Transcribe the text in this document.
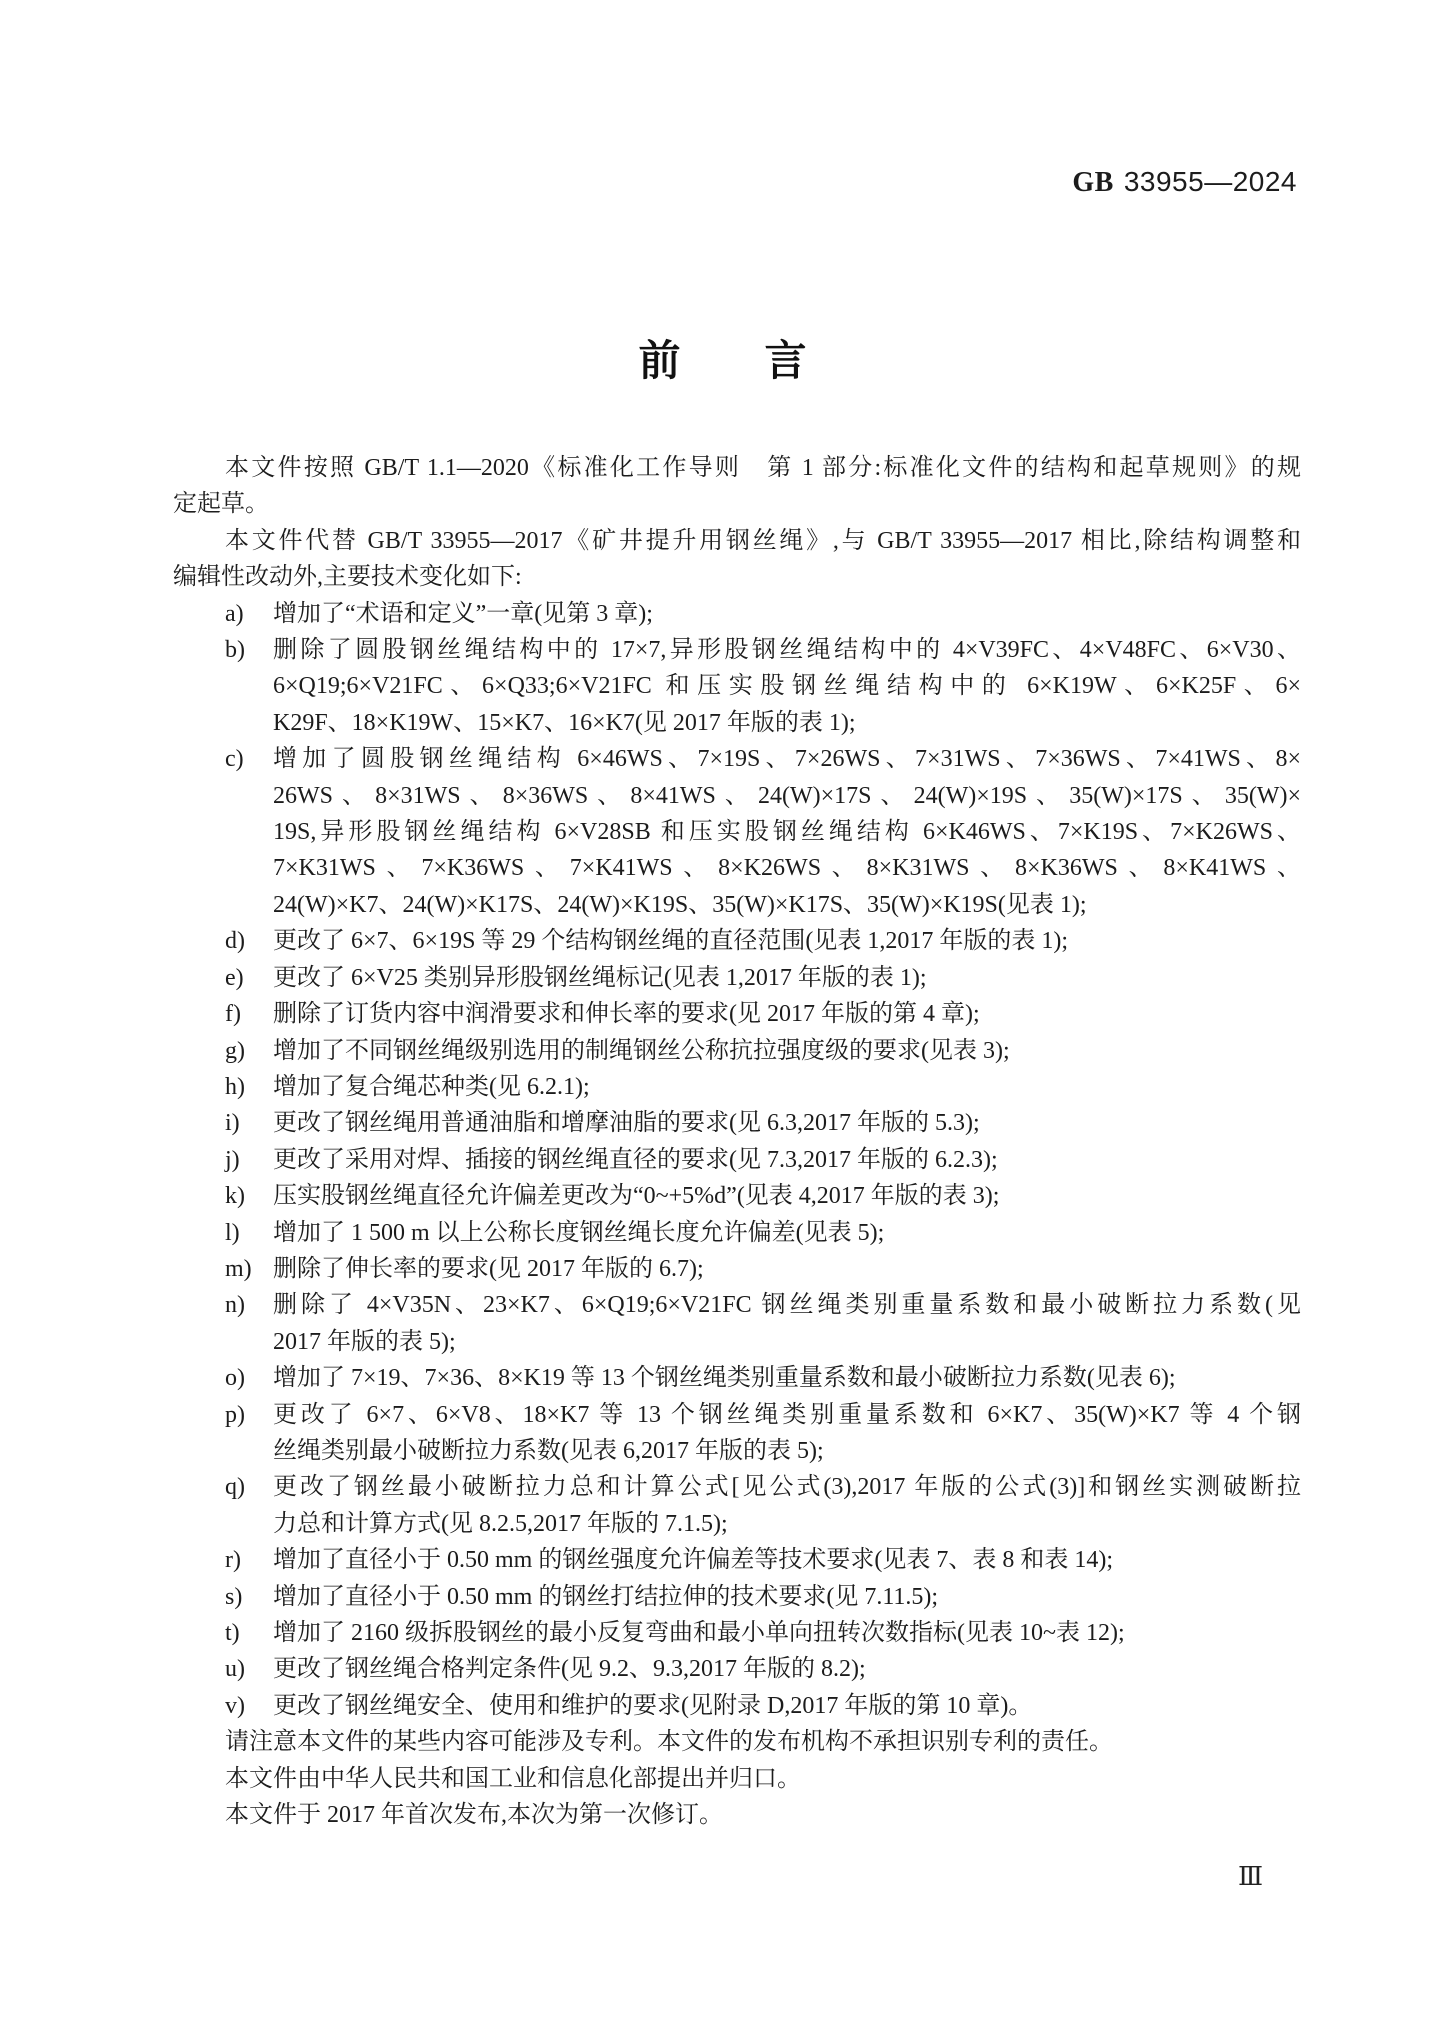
GB 33955—2024
前　　言
本文件按照 GB/T 1.1—2020《标准化工作导则　第 1 部分:标准化文件的结构和起草规则》的规
定起草。
本文件代替 GB/T 33955—2017《矿井提升用钢丝绳》,与 GB/T 33955—2017 相比,除结构调整和
编辑性改动外,主要技术变化如下:
a)	增加了“术语和定义”一章(见第 3 章);
b)	删除了圆股钢丝绳结构中的 17×7,异形股钢丝绳结构中的 4×V39FC、4×V48FC、6×V30、
6×Q19;6×V21FC、6×Q33;6×V21FC 和压实股钢丝绳结构中的 6×K19W、6×K25F、6×
K29F、18×K19W、15×K7、16×K7(见 2017 年版的表 1);
c)	增加了圆股钢丝绳结构 6×46WS、7×19S、7×26WS、7×31WS、7×36WS、7×41WS、8×
26WS、8×31WS、8×36WS、8×41WS、24(W)×17S、24(W)×19S、35(W)×17S、35(W)×
19S,异形股钢丝绳结构 6×V28SB 和压实股钢丝绳结构 6×K46WS、7×K19S、7×K26WS、
7×K31WS、7×K36WS、7×K41WS、8×K26WS、8×K31WS、8×K36WS、8×K41WS、
24(W)×K7、24(W)×K17S、24(W)×K19S、35(W)×K17S、35(W)×K19S(见表 1);
d)	更改了 6×7、6×19S 等 29 个结构钢丝绳的直径范围(见表 1,2017 年版的表 1);
e)	更改了 6×V25 类别异形股钢丝绳标记(见表 1,2017 年版的表 1);
f)	删除了订货内容中润滑要求和伸长率的要求(见 2017 年版的第 4 章);
g)	增加了不同钢丝绳级别选用的制绳钢丝公称抗拉强度级的要求(见表 3);
h)	增加了复合绳芯种类(见 6.2.1);
i)	更改了钢丝绳用普通油脂和增摩油脂的要求(见 6.3,2017 年版的 5.3);
j)	更改了采用对焊、插接的钢丝绳直径的要求(见 7.3,2017 年版的 6.2.3);
k)	压实股钢丝绳直径允许偏差更改为“0~+5%d”(见表 4,2017 年版的表 3);
l)	增加了 1 500 m 以上公称长度钢丝绳长度允许偏差(见表 5);
m) 删除了伸长率的要求(见 2017 年版的 6.7);
n)	删除了 4×V35N、23×K7、6×Q19;6×V21FC 钢丝绳类别重量系数和最小破断拉力系数(见
2017 年版的表 5);
o)	增加了 7×19、7×36、8×K19 等 13 个钢丝绳类别重量系数和最小破断拉力系数(见表 6);
p)	更改了 6×7、6×V8、18×K7 等 13 个钢丝绳类别重量系数和 6×K7、35(W)×K7 等 4 个钢
丝绳类别最小破断拉力系数(见表 6,2017 年版的表 5);
q)	更改了钢丝最小破断拉力总和计算公式[见公式(3),2017 年版的公式(3)]和钢丝实测破断拉
力总和计算方式(见 8.2.5,2017 年版的 7.1.5);
r)	增加了直径小于 0.50 mm 的钢丝强度允许偏差等技术要求(见表 7、表 8 和表 14);
s)	增加了直径小于 0.50 mm 的钢丝打结拉伸的技术要求(见 7.11.5);
t)	增加了 2160 级拆股钢丝的最小反复弯曲和最小单向扭转次数指标(见表 10~表 12);
u)	更改了钢丝绳合格判定条件(见 9.2、9.3,2017 年版的 8.2);
v)	更改了钢丝绳安全、使用和维护的要求(见附录 D,2017 年版的第 10 章)。
请注意本文件的某些内容可能涉及专利。本文件的发布机构不承担识别专利的责任。
本文件由中华人民共和国工业和信息化部提出并归口。
本文件于 2017 年首次发布,本次为第一次修订。
Ⅲ
